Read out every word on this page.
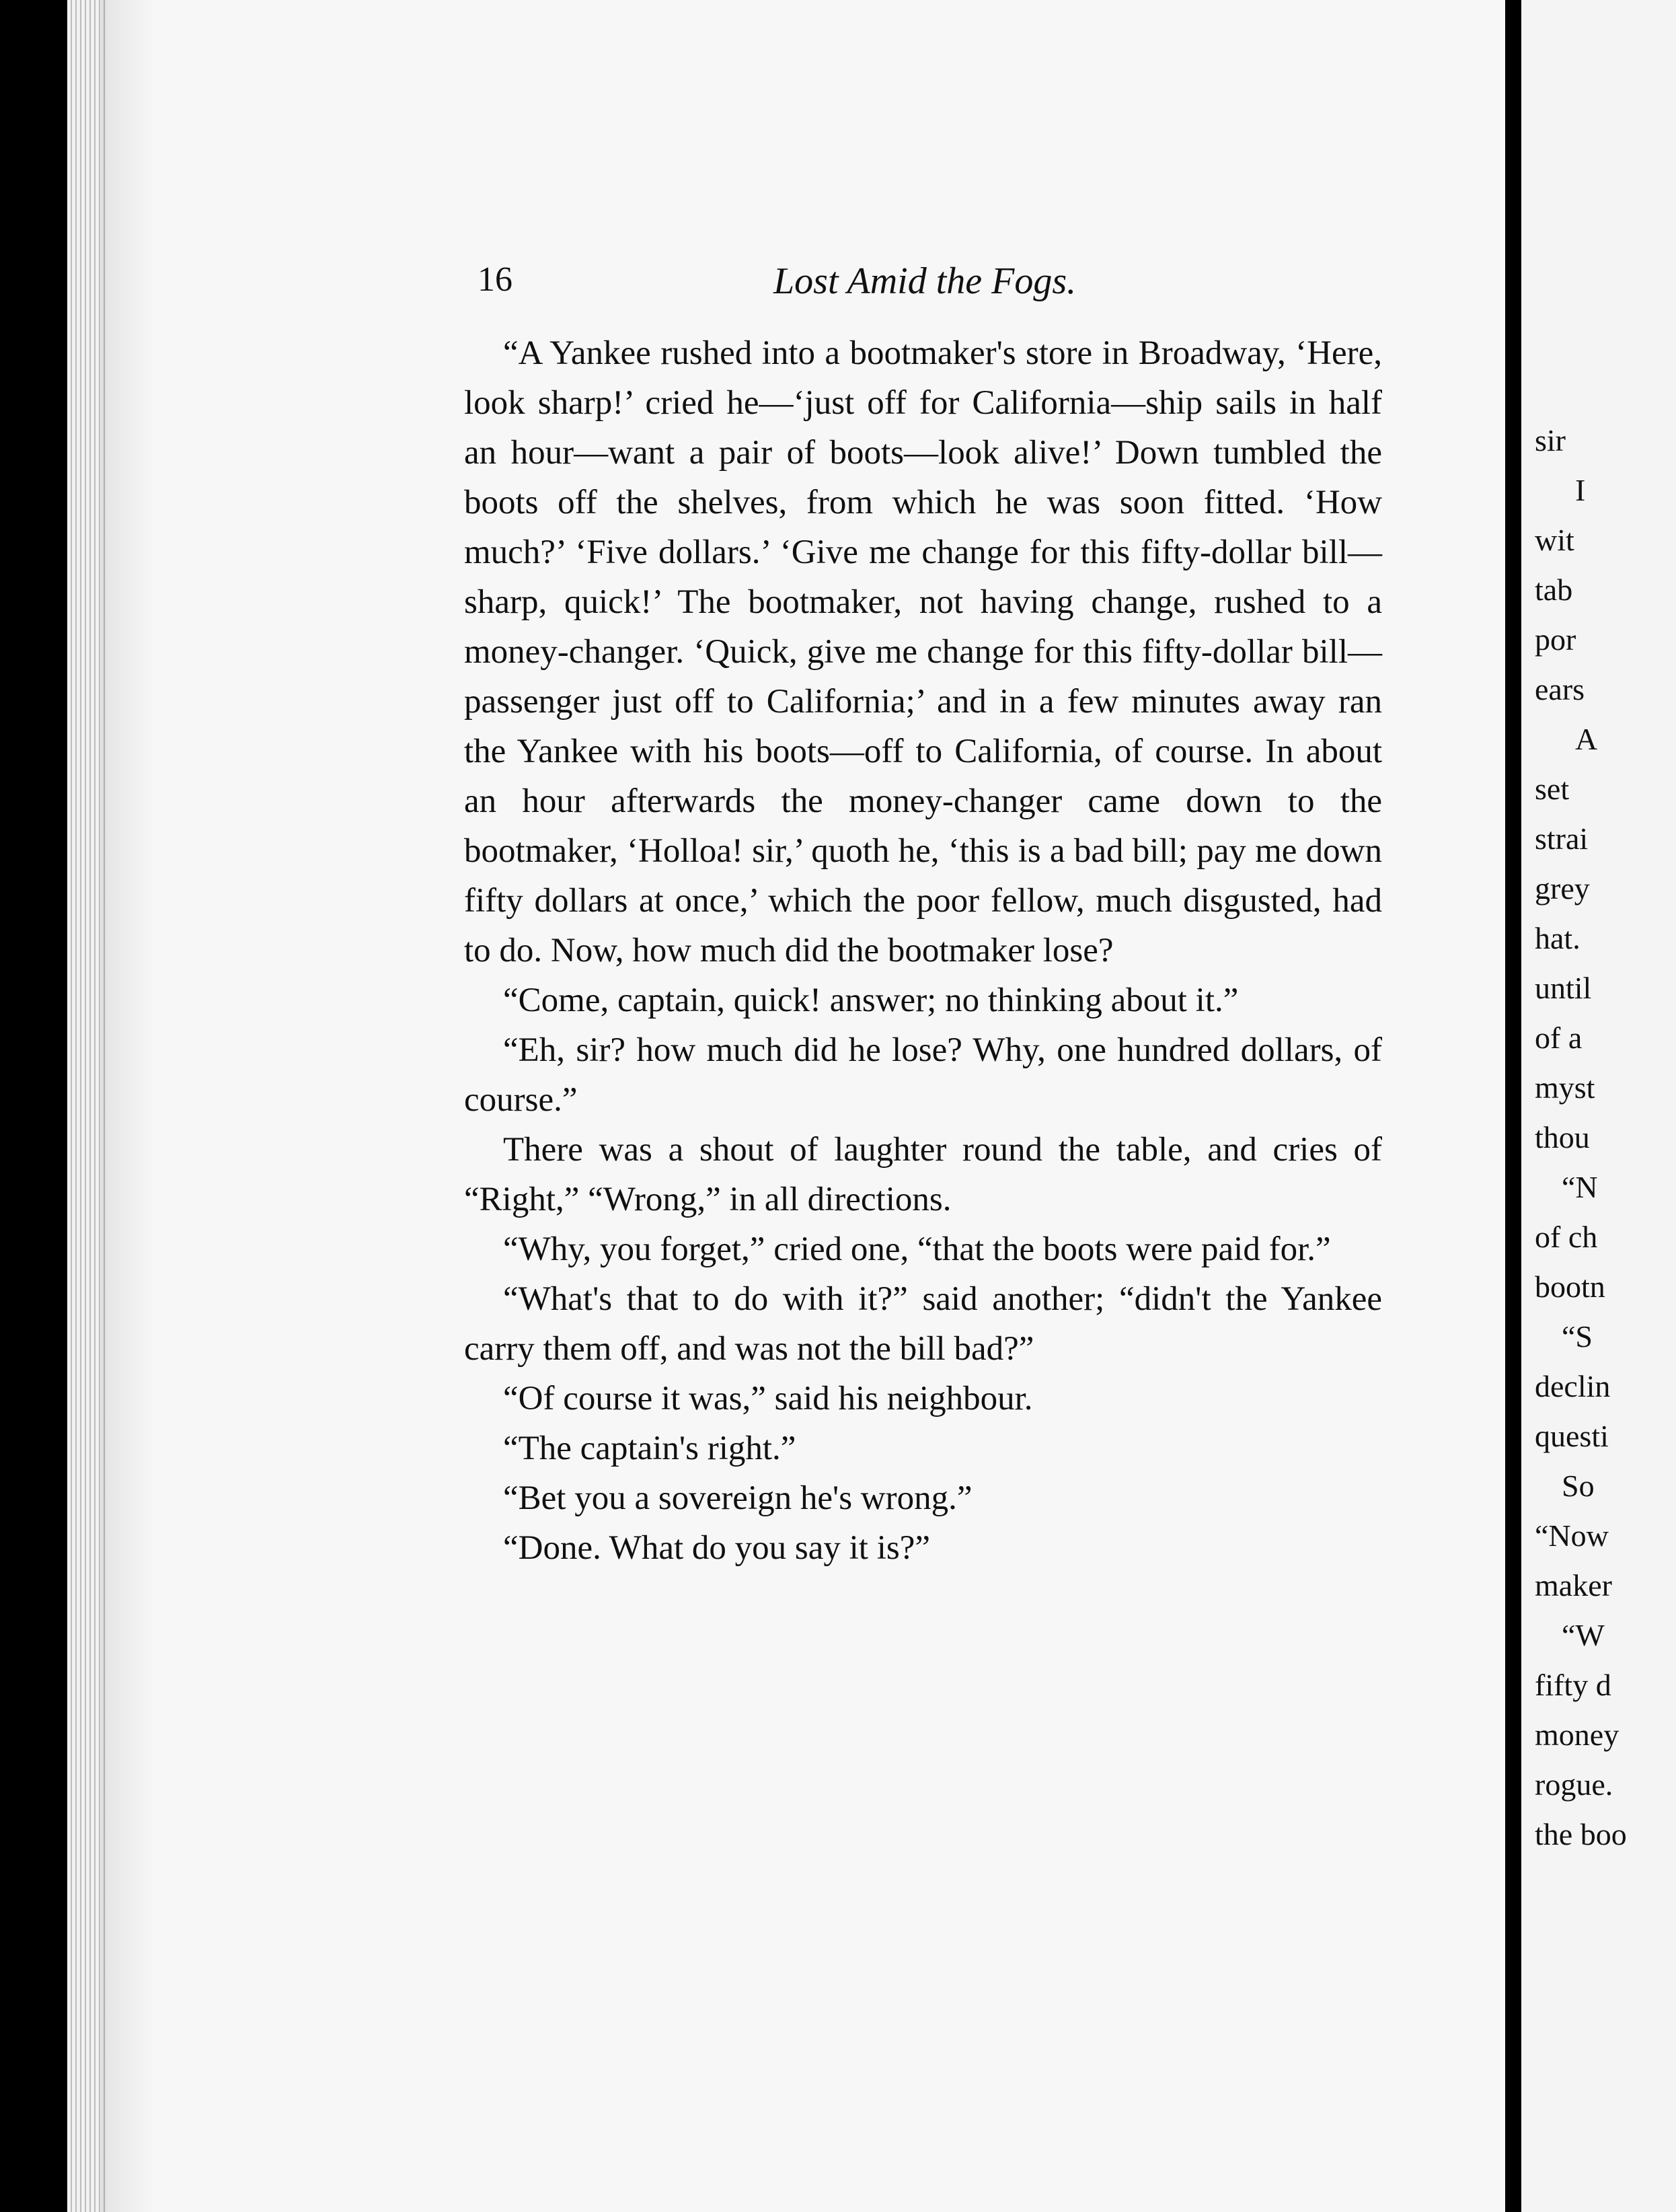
16	Lost Amid the Fogs.

“A Yankee rushed into a bootmaker's store in Broadway, ‘Here, look sharp!’ cried he—‘just off for California—ship sails in half an hour—want a pair of boots—look alive!’ Down tumbled the boots off the shelves, from which he was soon fitted. ‘How much?’ ‘Five dollars.’ ‘Give me change for this fifty-dollar bill—sharp, quick!’ The bootmaker, not having change, rushed to a money-changer. ‘Quick, give me change for this fifty-dollar bill—passenger just off to California;’ and in a few minutes away ran the Yankee with his boots—off to California, of course. In about an hour afterwards the money-changer came down to the bootmaker, ‘Holloa! sir,’ quoth he, ‘this is a bad bill; pay me down fifty dollars at once,’ which the poor fellow, much disgusted, had to do. Now, how much did the bootmaker lose?

“Come, captain, quick! answer; no thinking about it.”

“Eh, sir? how much did he lose? Why, one hundred dollars, of course.”

There was a shout of laughter round the table, and cries of “Right,” “Wrong,” in all directions.

“Why, you forget,” cried one, “that the boots were paid for.”

“What's that to do with it?” said another; “didn't the Yankee carry them off, and was not the bill bad?”

“Of course it was,” said his neighbour.

“The captain's right.”

“Bet you a sovereign he's wrong.”

“Done. What do you say it is?”

sir
I
wit
tab
por
ears
A
set
strai
grey
hat.
until
of a
myst
thou
“N
of ch
bootn
“S
declin
questi
So
“Now
maker
“W
fifty d
money
rogue.
the boo
